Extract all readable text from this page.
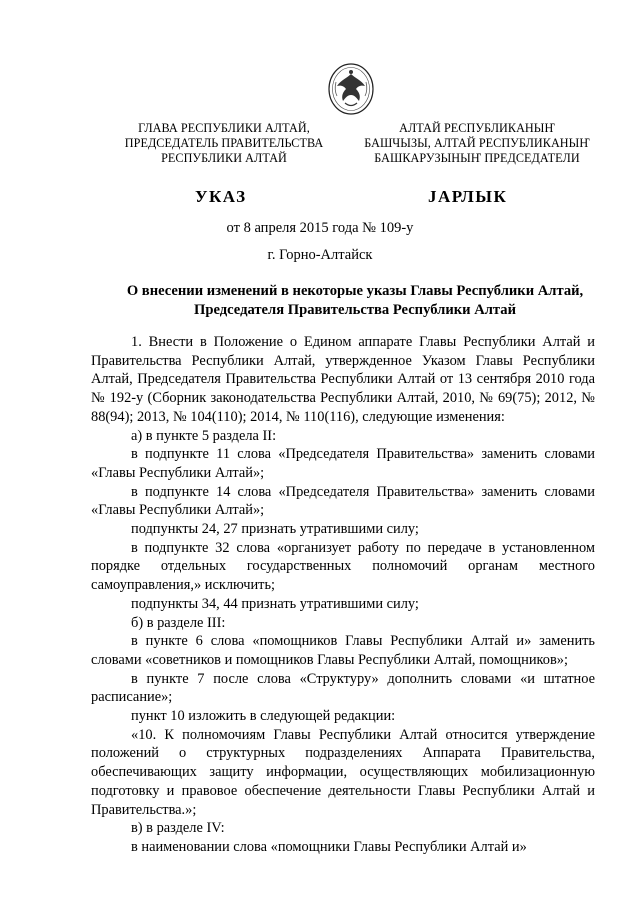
ГЛАВА РЕСПУБЛИКИ АЛТАЙ,
ПРЕДСЕДАТЕЛЬ ПРАВИТЕЛЬСТВА
РЕСПУБЛИКИ АЛТАЙ
АЛТАЙ РЕСПУБЛИКАНЫҤ
БАШЧЫЗЫ, АЛТАЙ РЕСПУБЛИКАНЫҤ
БАШКАРУЗЫНЫҤ ПРЕДСЕДАТЕЛИ
УКАЗ	JАРЛЫК
от 8 апреля 2015 года № 109-у
г. Горно-Алтайск
О внесении изменений в некоторые указы Главы Республики Алтай,
Председателя Правительства Республики Алтай

1. Внести в Положение о Едином аппарате Главы Республики Алтай и Правительства Республики Алтай, утвержденное Указом Главы Республики Алтай, Председателя Правительства Республики Алтай от 13 сентября 2010 года № 192-у (Сборник законодательства Республики Алтай, 2010, № 69(75); 2012, № 88(94); 2013, № 104(110); 2014, № 110(116), следующие изменения:

а) в пункте 5 раздела II:

в подпункте 11 слова «Председателя Правительства» заменить словами «Главы Республики Алтай»;

в подпункте 14 слова «Председателя Правительства» заменить словами «Главы Республики Алтай»;

подпункты 24, 27 признать утратившими силу;

в подпункте 32 слова «организует работу по передаче в установленном порядке отдельных государственных полномочий органам местного самоуправления,» исключить;

подпункты 34, 44 признать утратившими силу;

б) в разделе III:

в пункте 6 слова «помощников Главы Республики Алтай и» заменить словами «советников и помощников Главы Республики Алтай, помощников»;

в пункте 7 после слова «Структуру» дополнить словами «и штатное расписание»;

пункт 10 изложить в следующей редакции:

«10. К полномочиям Главы Республики Алтай относится утверждение положений о структурных подразделениях Аппарата Правительства, обеспечивающих защиту информации, осуществляющих мобилизационную подготовку и правовое обеспечение деятельности Главы Республики Алтай и Правительства.»;

в) в разделе IV:

в наименовании слова «помощники Главы Республики Алтай и»
